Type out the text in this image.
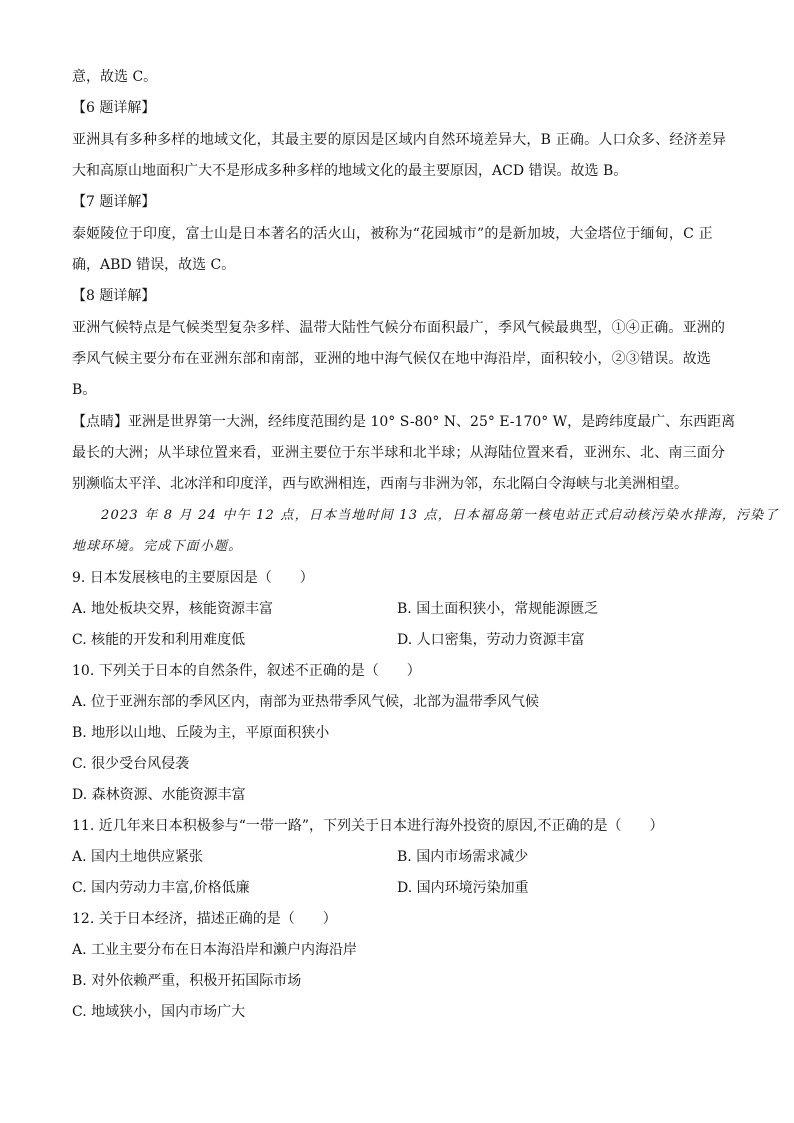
意，故选 C。
【6 题详解】
亚洲具有多种多样的地域文化，其最主要的原因是区域内自然环境差异大，B 正确。人口众多、经济差异
大和高原山地面积广大不是形成多种多样的地域文化的最主要原因，ACD 错误。故选 B。
【7 题详解】
泰姬陵位于印度，富士山是日本著名的活火山，被称为“花园城市”的是新加坡，大金塔位于缅甸，C 正
确，ABD 错误，故选 C。
【8 题详解】
亚洲气候特点是气候类型复杂多样、温带大陆性气候分布面积最广，季风气候最典型，①④正确。亚洲的
季风气候主要分布在亚洲东部和南部，亚洲的地中海气候仅在地中海沿岸，面积较小，②③错误。故选
B。
【点睛】亚洲是世界第一大洲，经纬度范围约是 10° S-80° N、25° E-170° W，是跨纬度最广、东西距离
最长的大洲；从半球位置来看，亚洲主要位于东半球和北半球；从海陆位置来看，亚洲东、北、南三面分
别濒临太平洋、北冰洋和印度洋，西与欧洲相连，西南与非洲为邻，东北隔白令海峡与北美洲相望。
2023 年 8 月 24 中午 12 点，日本当地时间 13 点，日本福岛第一核电站正式启动核污染水排海，污染了
地球环境。完成下面小题。
9. 日本发展核电的主要原因是（　　）
A. 地处板块交界，核能资源丰富	B. 国土面积狭小，常规能源匮乏
C. 核能的开发和利用难度低	D. 人口密集，劳动力资源丰富
10. 下列关于日本的自然条件，叙述不正确的是（　　）
A. 位于亚洲东部的季风区内，南部为亚热带季风气候，北部为温带季风气候
B. 地形以山地、丘陵为主，平原面积狭小
C. 很少受台风侵袭
D. 森林资源、水能资源丰富
11. 近几年来日本积极参与“一带一路”，下列关于日本进行海外投资的原因,不正确的是（　　）
A. 国内土地供应紧张	B. 国内市场需求减少
C. 国内劳动力丰富,价格低廉	D. 国内环境污染加重
12. 关于日本经济，描述正确的是（　　）
A. 工业主要分布在日本海沿岸和濑户内海沿岸
B. 对外依赖严重，积极开拓国际市场
C. 地域狭小，国内市场广大
